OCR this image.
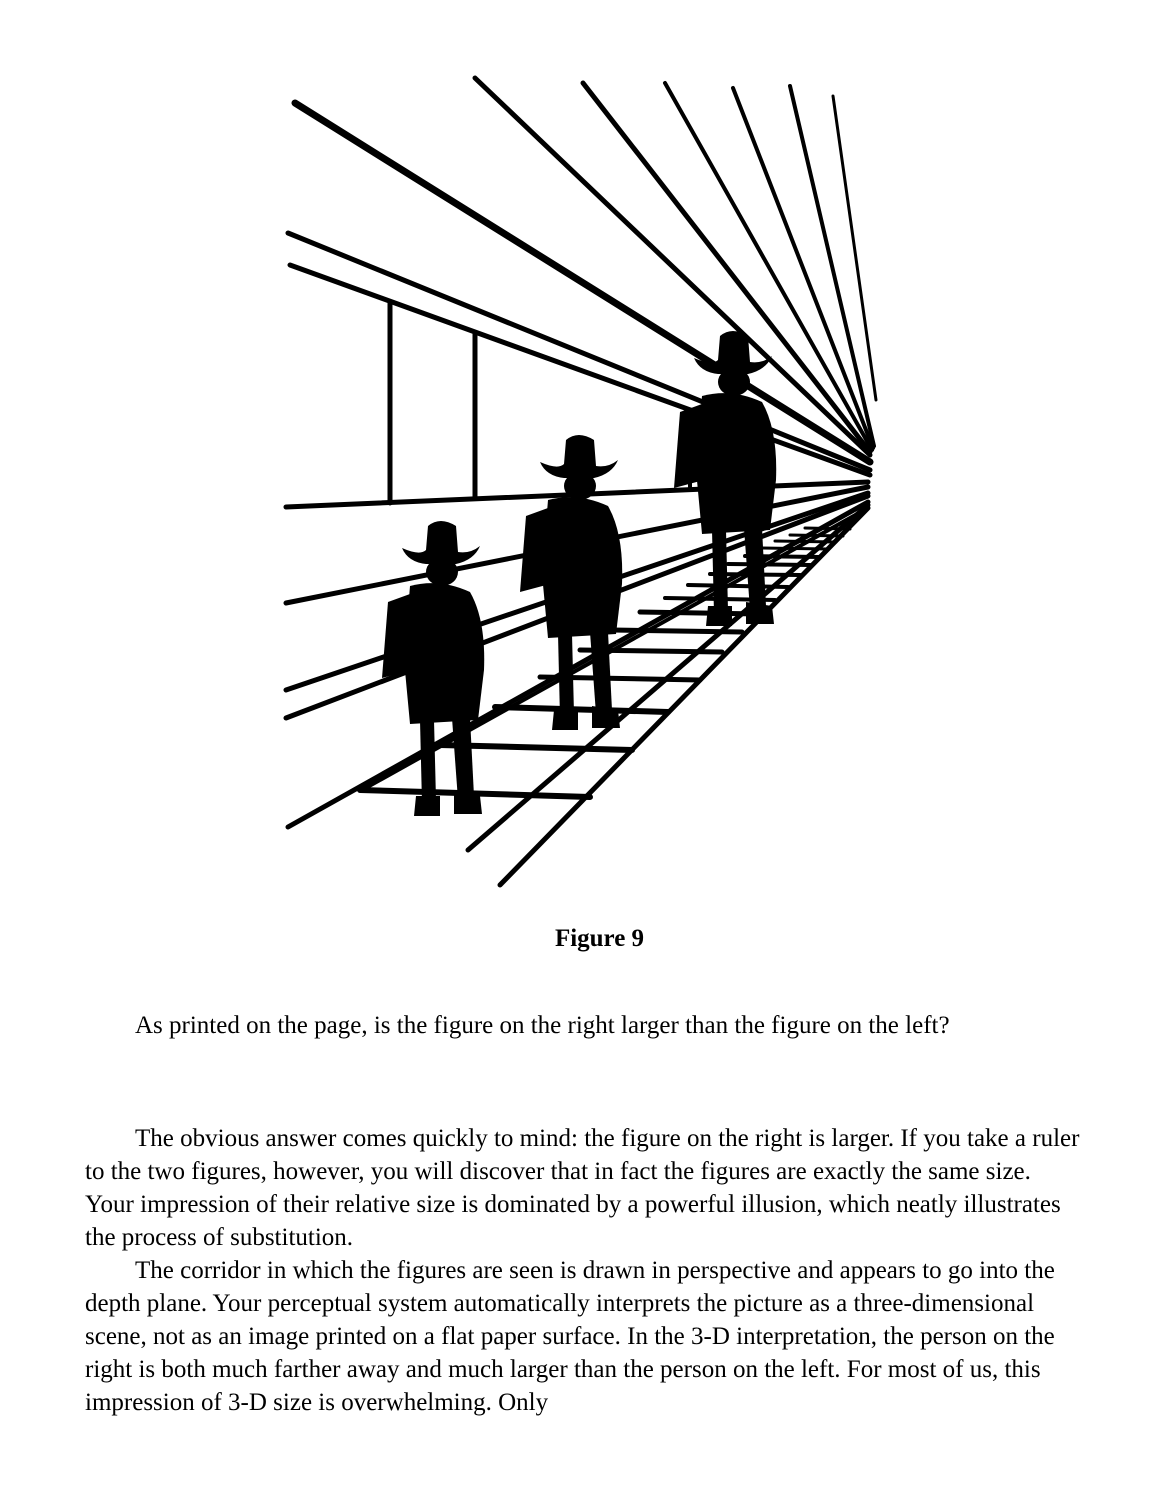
Figure 9

As printed on the page, is the figure on the right larger than the figure on the left?

The obvious answer comes quickly to mind: the figure on the right is larger. If you take a ruler to the two figures, however, you will discover that in fact the figures are exactly the same size. Your impression of their relative size is dominated by a powerful illusion, which neatly illustrates the process of substitution.

The corridor in which the figures are seen is drawn in perspective and appears to go into the depth plane. Your perceptual system automatically interprets the picture as a three-dimensional scene, not as an image printed on a flat paper surface. In the 3-D interpretation, the person on the right is both much farther away and much larger than the person on the left. For most of us, this impression of 3-D size is overwhelming. Only
